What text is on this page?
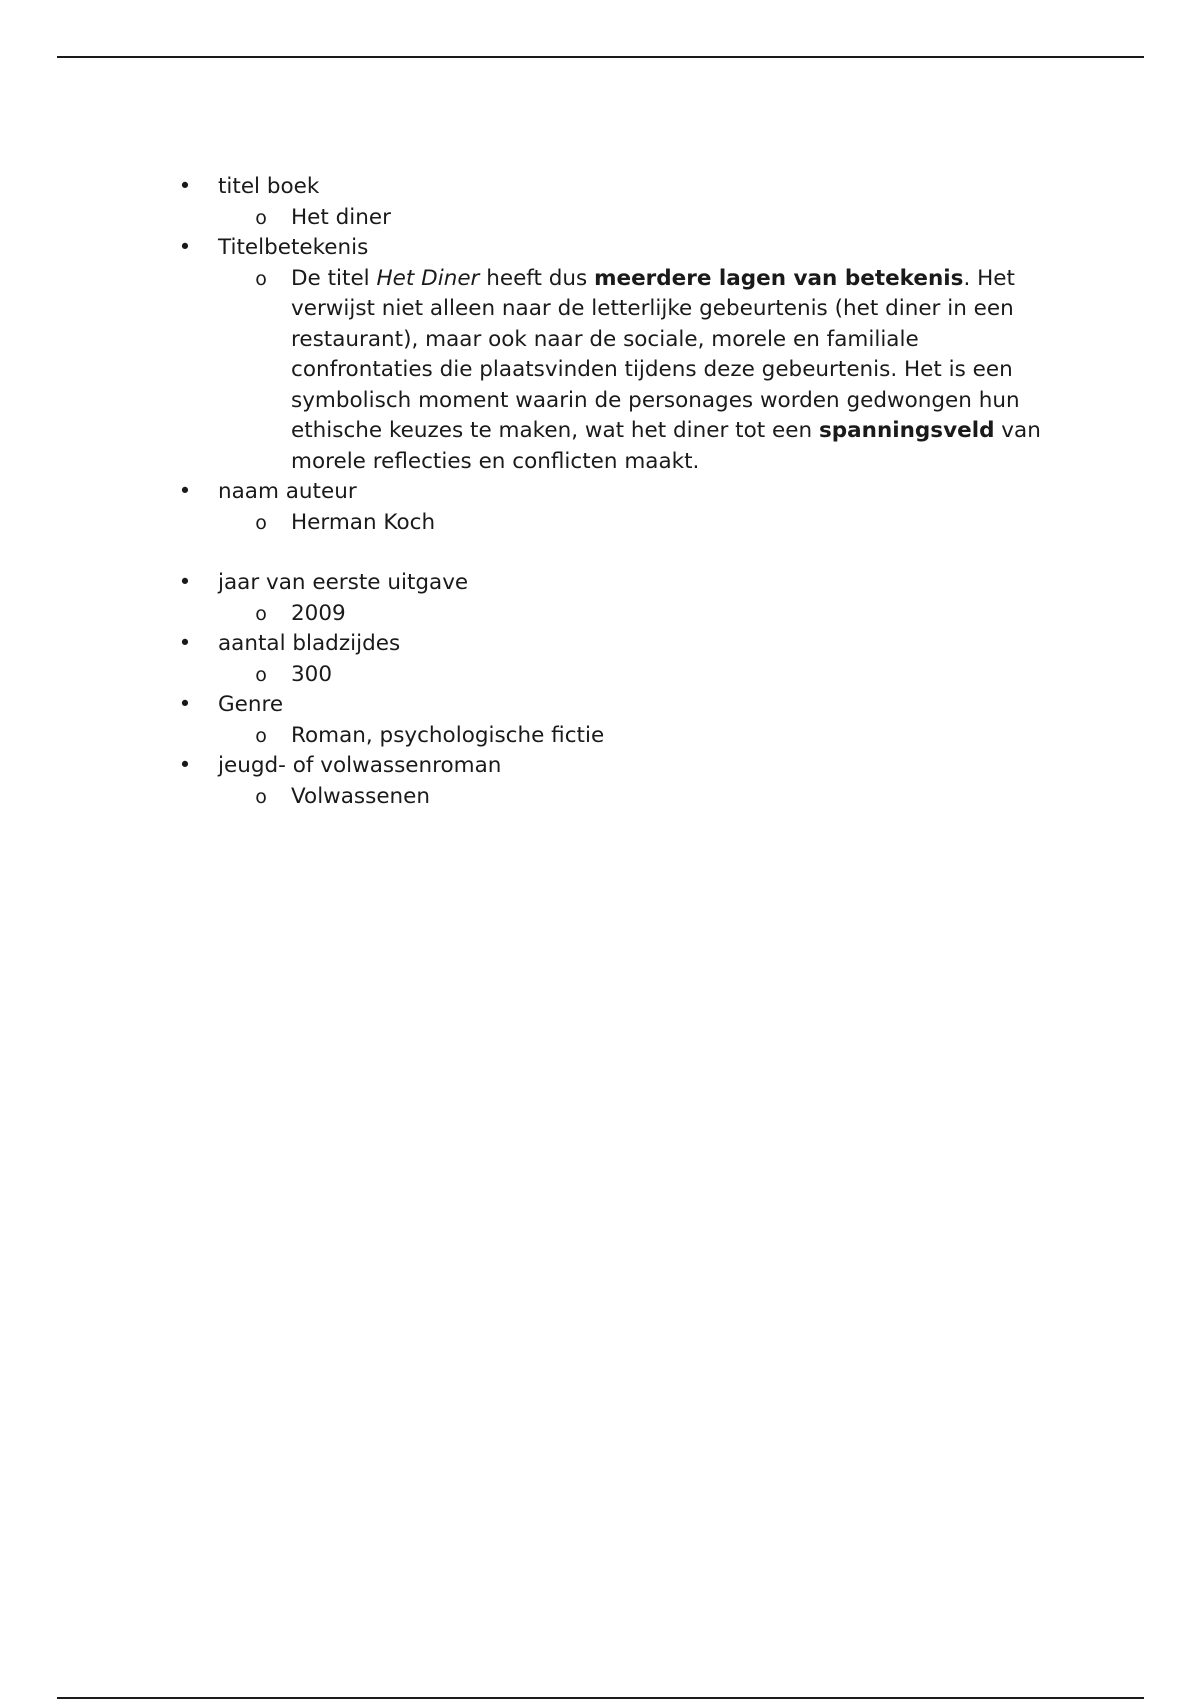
• titel boek
o Het diner
• Titelbetekenis
o De titel Het Diner heeft dus meerdere lagen van betekenis. Het verwijst niet alleen naar de letterlijke gebeurtenis (het diner in een restaurant), maar ook naar de sociale, morele en familiale confrontaties die plaatsvinden tijdens deze gebeurtenis. Het is een symbolisch moment waarin de personages worden gedwongen hun ethische keuzes te maken, wat het diner tot een spanningsveld van morele reflecties en conflicten maakt.
• naam auteur
o Herman Koch
• jaar van eerste uitgave
o 2009
• aantal bladzijdes
o 300
• Genre
o Roman, psychologische fictie
• jeugd- of volwassenroman
o Volwassenen
